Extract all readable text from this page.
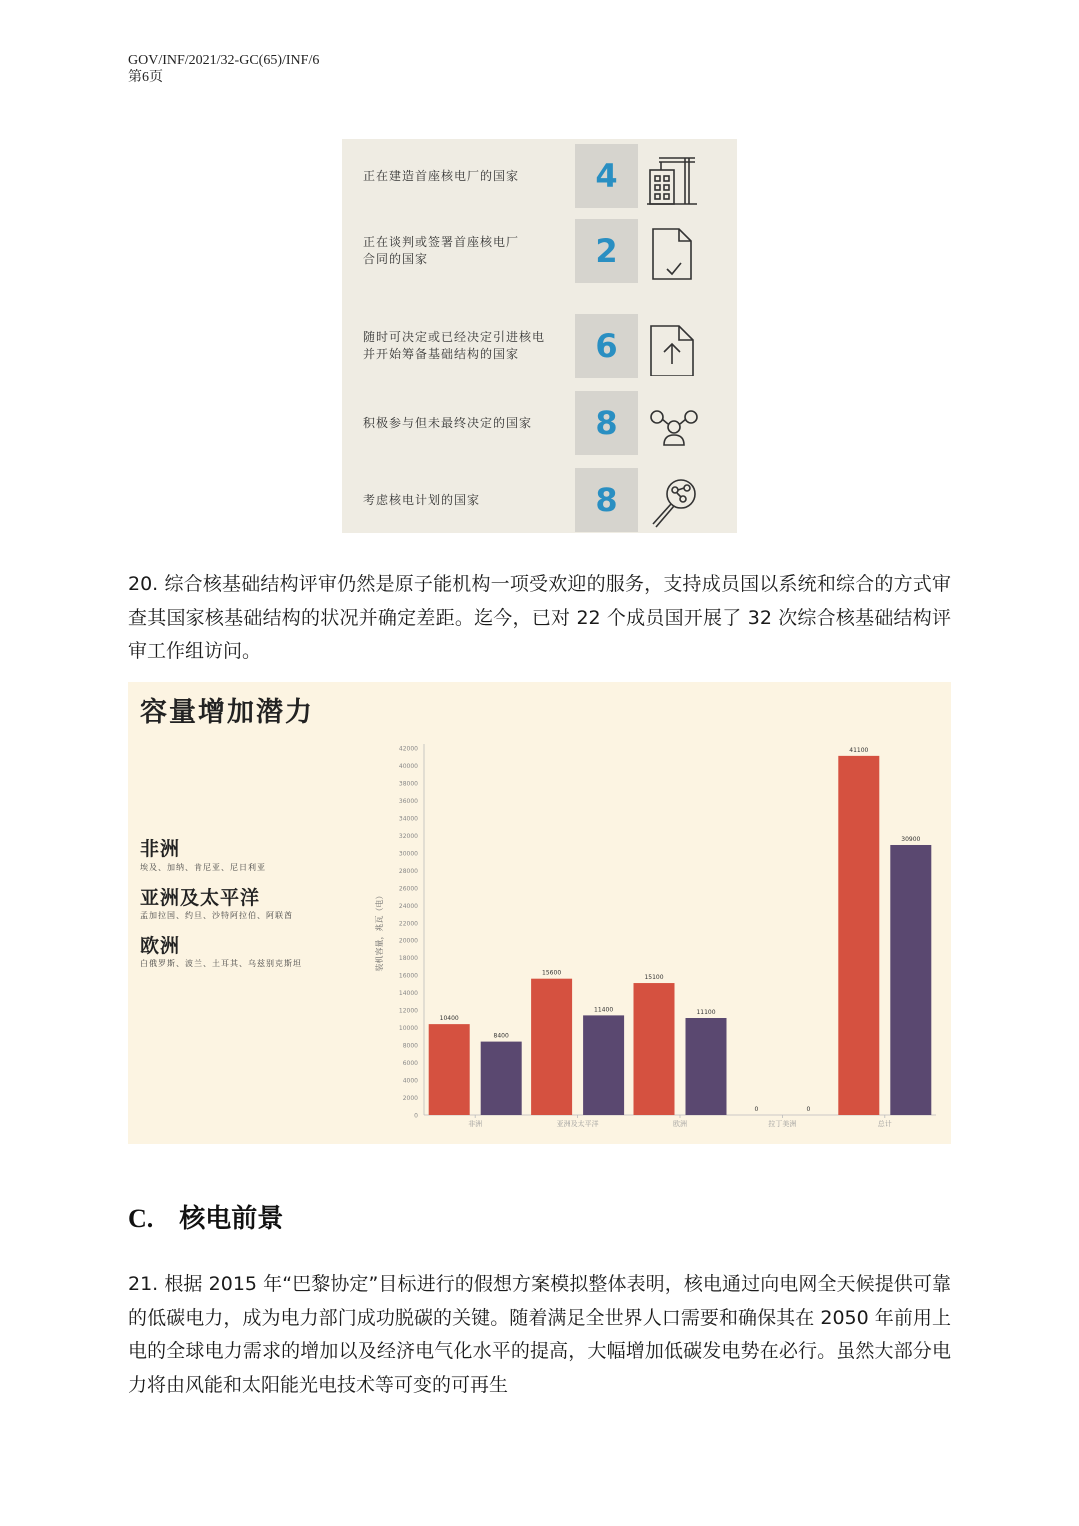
GOV/INF/2021/32-GC(65)/INF/6
第6页
正在建造首座核电厂的国家	4
正在谈判或签署首座核电厂
合同的国家	2
随时可决定或已经决定引进核电
并开始筹备基础结构的国家	6
积极参与但未最终决定的国家	8
考虑核电计划的国家	8
20. 综合核基础结构评审仍然是原子能机构一项受欢迎的服务，支持成员国以系统和综合的方式审查其国家核基础结构的状况并确定差距。迄今，已对 22 个成员国开展了 32 次综合核基础结构评审工作组访问。
容量增加潜力
非洲
埃及、加纳、肯尼亚、尼日利亚
亚洲及太平洋
孟加拉国、约旦、沙特阿拉伯、阿联酋
欧洲
白俄罗斯、波兰、土耳其、乌兹别克斯坦
0
2000
4000
6000
8000
10000
12000
14000
16000
18000
20000
22000
24000
26000
28000
30000
32000
34000
36000
38000
40000
42000
装机容量，兆瓦（电）
10400
8400
非洲
15600
11400
亚洲及太平洋
15100
11100
欧洲
0	0
拉丁美洲
41100
30900
总计
C. 核电前景
21. 根据 2015 年“巴黎协定”目标进行的假想方案模拟整体表明，核电通过向电网全天候提供可靠的低碳电力，成为电力部门成功脱碳的关键。随着满足全世界人口需要和确保其在 2050 年前用上电的全球电力需求的增加以及经济电气化水平的提高，大幅增加低碳发电势在必行。虽然大部分电力将由风能和太阳能光电技术等可变的可再生
